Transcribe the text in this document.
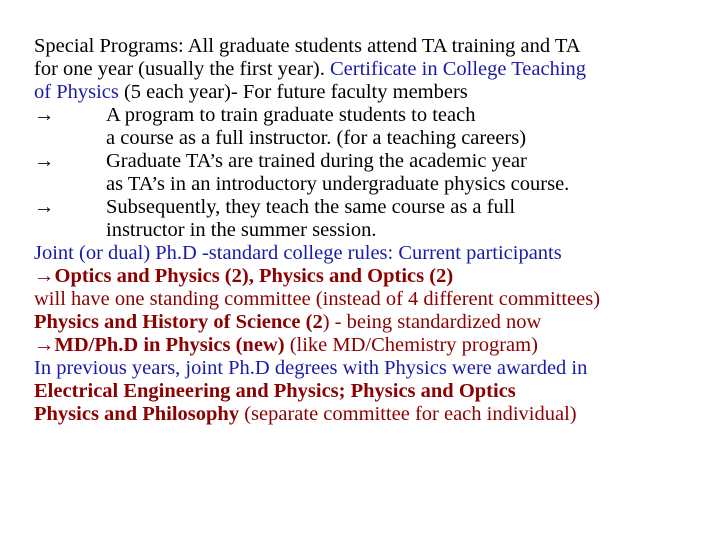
Special Programs: All graduate students attend TA training and TA
for one year (usually the first year). Certificate in College Teaching
of Physics (5 each year)- For future faculty members
→	A program to train graduate students to teach
a course as a full instructor. (for a teaching careers)
→	Graduate TA’s are trained during the academic year
as TA’s in an introductory undergraduate physics course.
→	Subsequently, they teach the same course as a full
instructor in the summer session.
Joint (or dual) Ph.D -standard college rules: Current participants
→Optics and Physics (2), Physics and Optics (2)
will have one standing committee (instead of 4 different committees)
Physics and History of Science (2) - being standardized now
→MD/Ph.D in Physics (new) (like MD/Chemistry program)
In previous years, joint Ph.D degrees with Physics were awarded in
Electrical Engineering and Physics; Physics and Optics
Physics and Philosophy (separate committee for each individual)
